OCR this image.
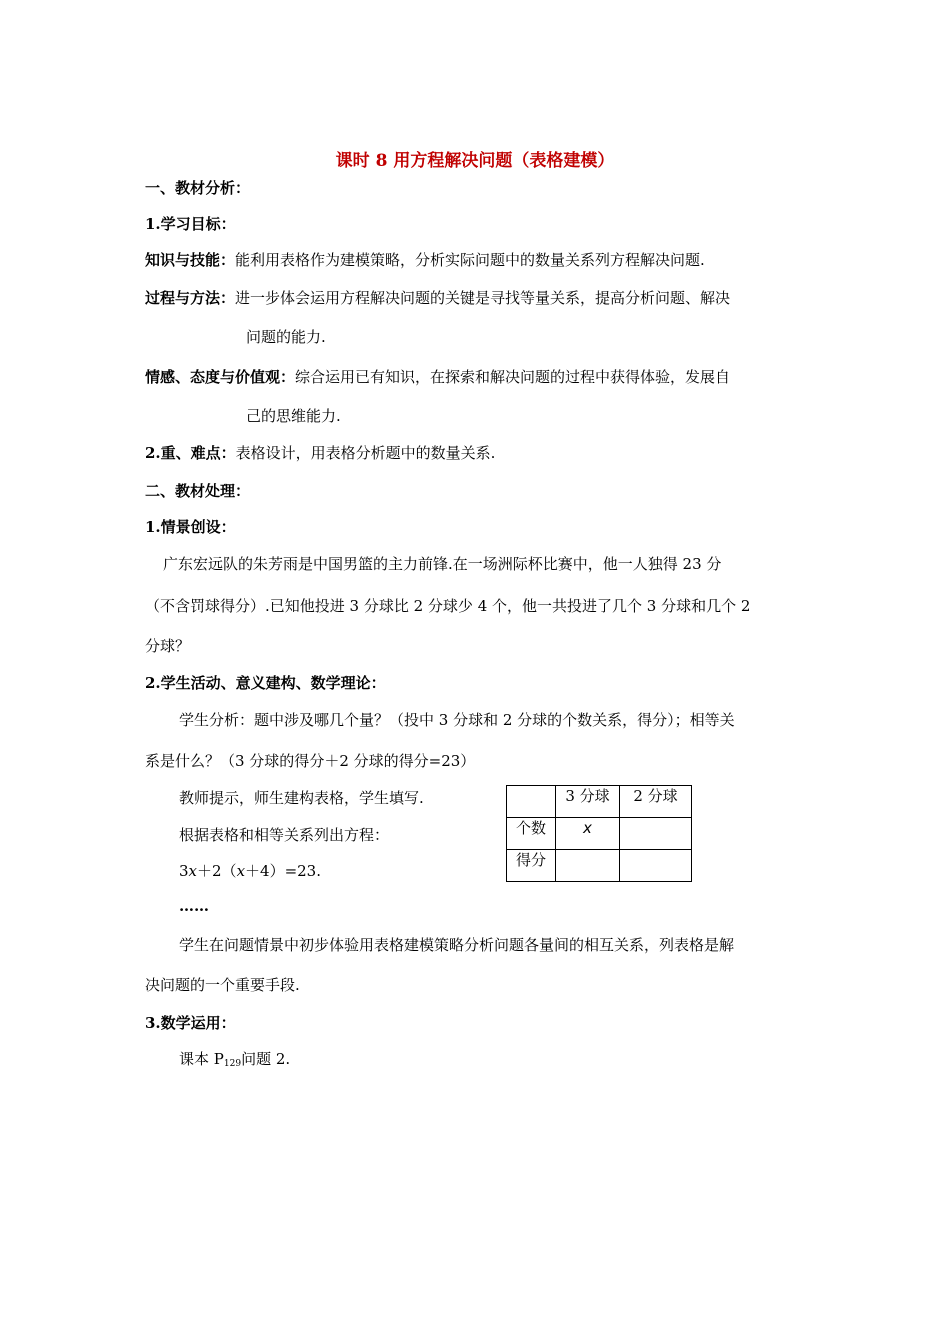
课时 8 用方程解决问题（表格建模）
一、教材分析：
1.学习目标：
知识与技能：能利用表格作为建模策略，分析实际问题中的数量关系列方程解决问题.
过程与方法：进一步体会运用方程解决问题的关键是寻找等量关系，提高分析问题、解决
问题的能力.
情感、态度与价值观：综合运用已有知识，在探索和解决问题的过程中获得体验，发展自
己的思维能力.
2.重、难点：表格设计，用表格分析题中的数量关系.
二、教材处理：
1.情景创设：
广东宏远队的朱芳雨是中国男篮的主力前锋.在一场洲际杯比赛中，他一人独得 23 分
（不含罚球得分）.已知他投进 3 分球比 2 分球少 4 个，他一共投进了几个 3 分球和几个 2
分球？
2.学生活动、意义建构、数学理论：
学生分析：题中涉及哪几个量？（投中 3 分球和 2 分球的个数关系，得分）；相等关
系是什么？（3 分球的得分＋2 分球的得分=23）
教师提示，师生建构表格，学生填写.
根据表格和相等关系列出方程：
3x＋2（x＋4）=23.
……
	3 分球	2 分球
个数	x	
得分		
学生在问题情景中初步体验用表格建模策略分析问题各量间的相互关系，列表格是解
决问题的一个重要手段.
3.数学运用：
课本 $P_{129}$问题 2.
